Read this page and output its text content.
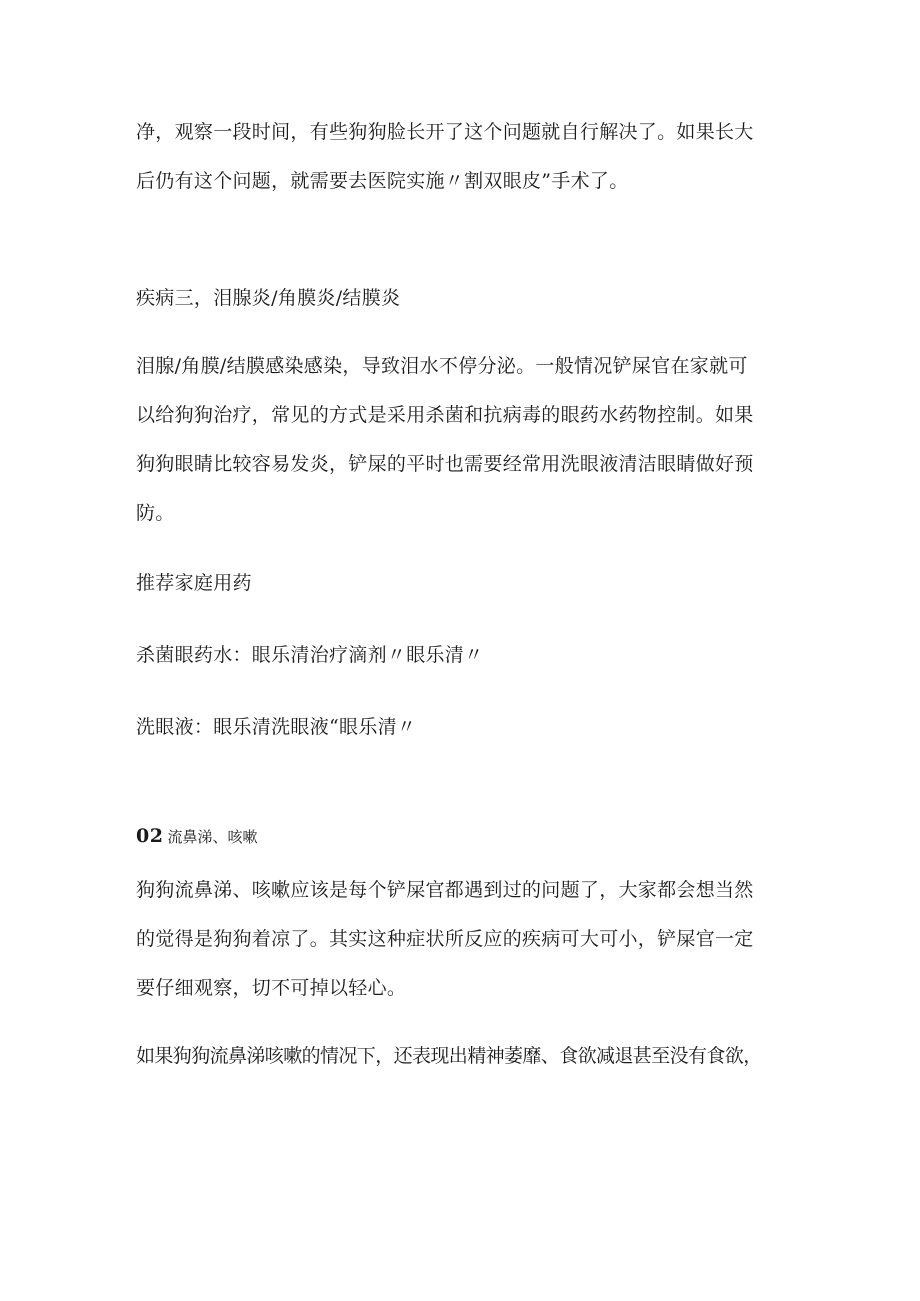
净，观察一段时间，有些狗狗脸长开了这个问题就自行解决了。如果长大
后仍有这个问题，就需要去医院实施〃割双眼皮”手术了。

疾病三，泪腺炎/角膜炎/结膜炎

泪腺/角膜/结膜感染感染，导致泪水不停分泌。一般情况铲屎官在家就可
以给狗狗治疗，常见的方式是采用杀菌和抗病毒的眼药水药物控制。如果
狗狗眼睛比较容易发炎，铲屎的平时也需要经常用洗眼液清洁眼睛做好预
防。

推荐家庭用药

杀菌眼药水：眼乐清治疗滴剂〃眼乐清〃

洗眼液：眼乐清洗眼液“眼乐清〃

02 流鼻涕、咳嗽

狗狗流鼻涕、咳嗽应该是每个铲屎官都遇到过的问题了，大家都会想当然
的觉得是狗狗着凉了。其实这种症状所反应的疾病可大可小，铲屎官一定
要仔细观察，切不可掉以轻心。

如果狗狗流鼻涕咳嗽的情况下，还表现出精神萎靡、食欲减退甚至没有食欲，
